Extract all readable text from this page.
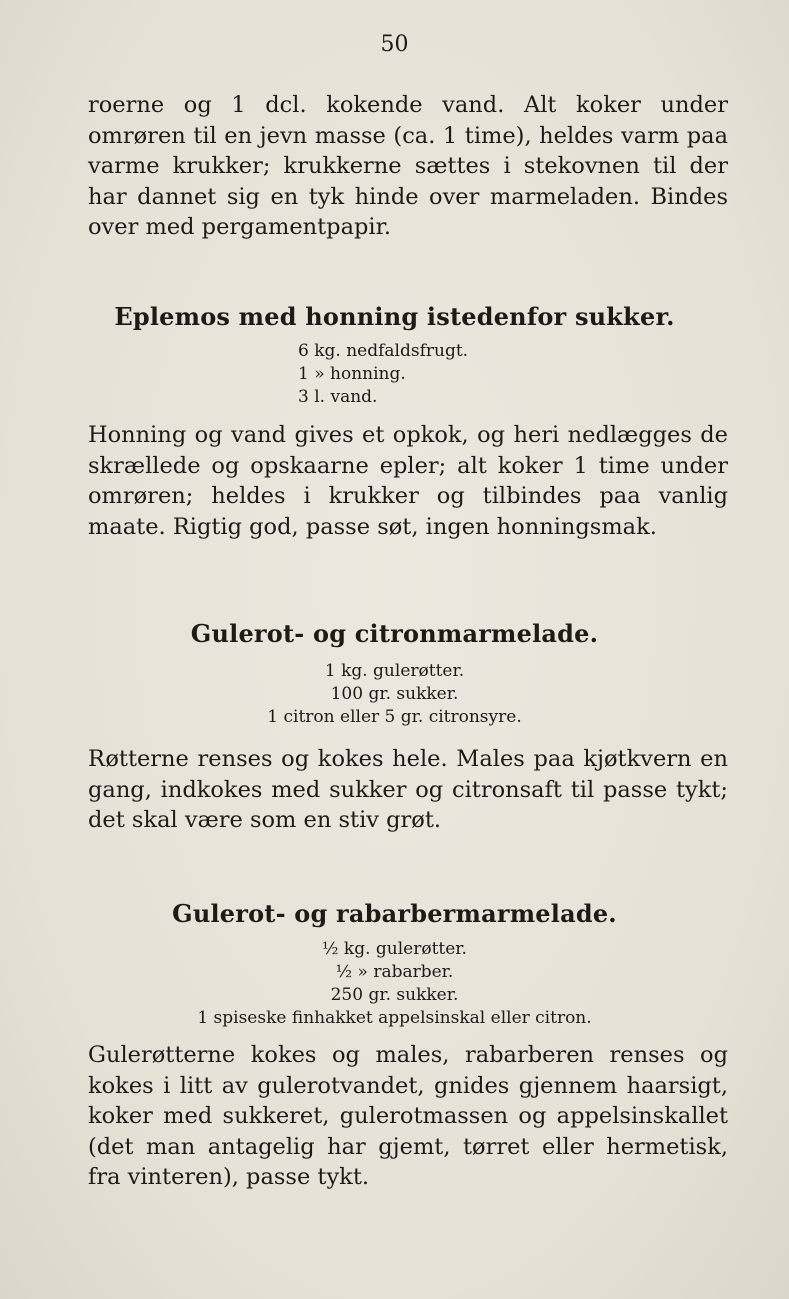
50

roerne og 1 dcl. kokende vand. Alt koker under omrøren til en jevn masse (ca. 1 time), heldes varm paa varme krukker; krukkerne sættes i stekovnen til der har dannet sig en tyk hinde over marmeladen. Bindes over med pergamentpapir.

Eplemos med honning istedenfor sukker.
6 kg. nedfaldsfrugt.
1 » honning.
3 l. vand.

Honning og vand gives et opkok, og heri nedlægges de skrællede og opskaarne epler; alt koker 1 time under omrøren; heldes i krukker og tilbindes paa vanlig maate. Rigtig god, passe søt, ingen honningsmak.

Gulerot- og citronmarmelade.
1 kg. gulerøtter.
100 gr. sukker.
1 citron eller 5 gr. citronsyre.

Røtterne renses og kokes hele. Males paa kjøtkvern en gang, indkokes med sukker og citronsaft til passe tykt; det skal være som en stiv grøt.

Gulerot- og rabarbermarmelade.
½ kg. gulerøtter.
½ » rabarber.
250 gr. sukker.
1 spiseske finhakket appelsinskal eller citron.

Gulerøtterne kokes og males, rabarberen renses og kokes i litt av gulerotvandet, gnides gjennem haarsigt, koker med sukkeret, gulerotmassen og appelsinskallet (det man antagelig har gjemt, tørret eller hermetisk, fra vinteren), passe tykt.
